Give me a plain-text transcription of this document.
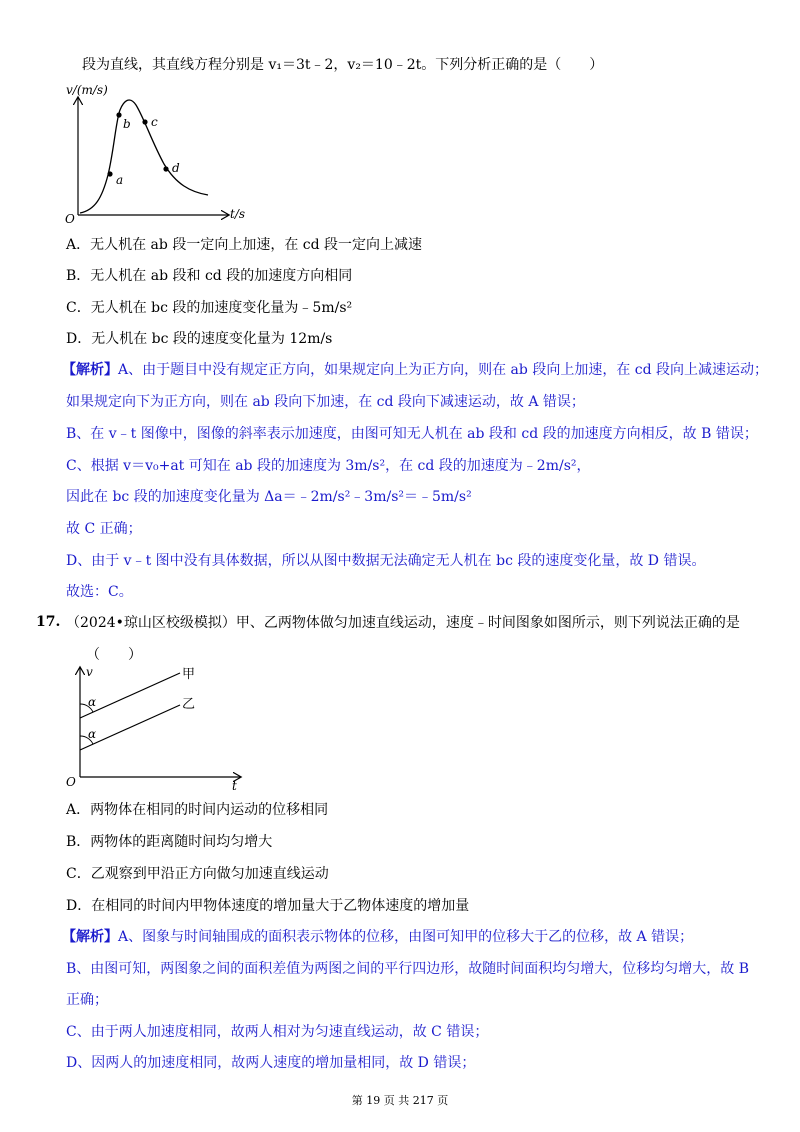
段为直线，其直线方程分别是 v₁＝3t﹣2，v₂＝10﹣2t。下列分析正确的是（　　）
a
b c
d
v/(m/s)
t/s
O
A．无人机在 ab 段一定向上加速，在 cd 段一定向上减速
B．无人机在 ab 段和 cd 段的加速度方向相同
C．无人机在 bc 段的加速度变化量为﹣5m/s²
D．无人机在 bc 段的速度变化量为 12m/s
【解析】A、由于题目中没有规定正方向，如果规定向上为正方向，则在 ab 段向上加速，在 cd 段向上减速运动；
如果规定向下为正方向，则在 ab 段向下加速，在 cd 段向下减速运动，故 A 错误；
B、在 v﹣t 图像中，图像的斜率表示加速度，由图可知无人机在 ab 段和 cd 段的加速度方向相反，故 B 错误；
C、根据 v＝v₀+at 可知在 ab 段的加速度为 3m/s²，在 cd 段的加速度为﹣2m/s²，
因此在 bc 段的加速度变化量为 Δa＝﹣2m/s²﹣3m/s²＝﹣5m/s²
故 C 正确；
D、由于 v﹣t 图中没有具体数据，所以从图中数据无法确定无人机在 bc 段的速度变化量，故 D 错误。
故选：C。
17. （2024•琼山区校级模拟）甲、乙两物体做匀加速直线运动，速度﹣时间图象如图所示，则下列说法正确的是
（　　）
α
α
甲
乙
v
t
O
A．两物体在相同的时间内运动的位移相同
B．两物体的距离随时间均匀增大
C．乙观察到甲沿正方向做匀加速直线运动
D．在相同的时间内甲物体速度的增加量大于乙物体速度的增加量
【解析】A、图象与时间轴围成的面积表示物体的位移，由图可知甲的位移大于乙的位移，故 A 错误；
B、由图可知，两图象之间的面积差值为两图之间的平行四边形，故随时间面积均匀增大，位移均匀增大，故 B
正确；
C、由于两人加速度相同，故两人相对为匀速直线运动，故 C 错误；
D、因两人的加速度相同，故两人速度的增加量相同，故 D 错误；
第 19 页 共 217 页
